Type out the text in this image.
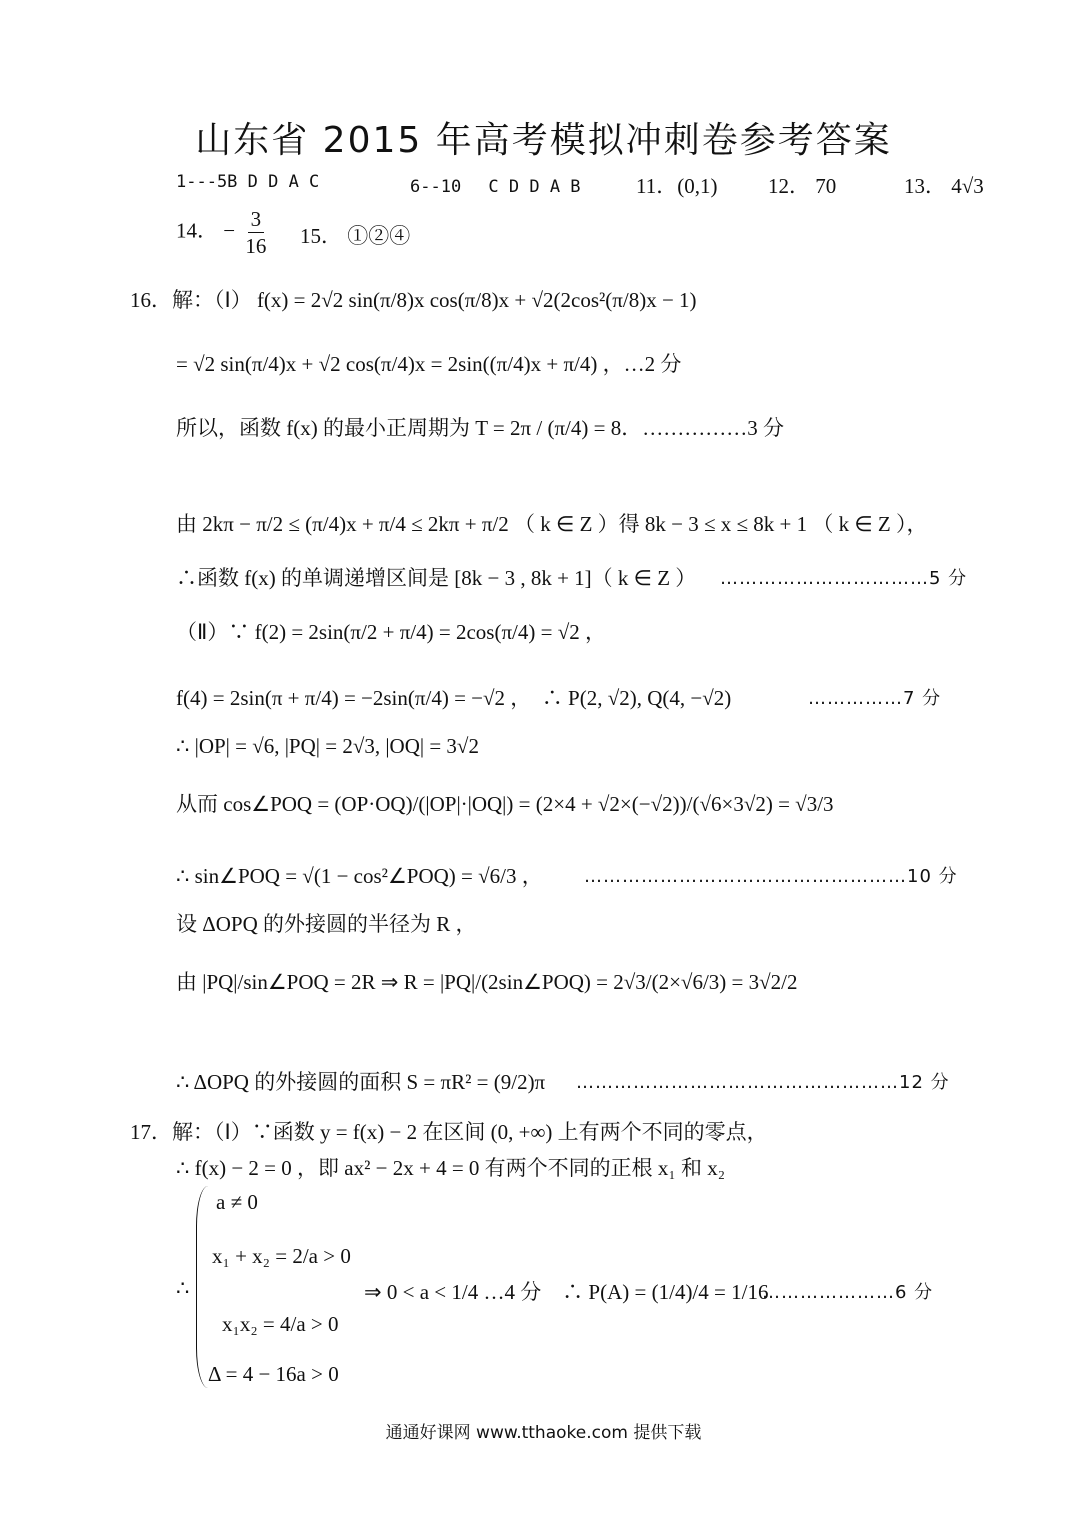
山东省 2015 年高考模拟冲刺卷参考答案
1---5B D D A C	6--10　 C D D A B	11．(0,1) 12． 70	13． 4√3
14． − $\frac{3}{16} 15$． ①②④
16．解：（Ⅰ） f(x) = 2√2 sin(π/8)x cos(π/8)x + √2(2cos²(π/8)x − 1)
= √2 sin(π/4)x + √2 cos(π/4)x = 2sin((π/4)x + π/4) ，…2 分
所以，函数 f(x) 的最小正周期为 T = 2π / (π/4) = 8．……………3 分
由 2kπ − π/2 ≤ (π/4)x + π/4 ≤ 2kπ + π/2 （ k ∈ Z ）得 8k − 3 ≤ x ≤ 8k + 1 （ k ∈ Z ），
∴函数 f(x) 的单调递增区间是 [8k − 3 , 8k + 1]（ k ∈ Z ） ……………………………5 分
（Ⅱ）∵ f(2) = 2sin(π/2 + π/4) = 2cos(π/4) = √2 ，
f(4) = 2sin(π + π/4) = −2sin(π/4) = −√2 ，　∴ P(2, √2), Q(4, −√2)	……………7 分
∴ |OP| = √6, |PQ| = 2√3, |OQ| = 3√2
从而 cos∠POQ = (OP·OQ)/(|OP|·|OQ|) = (2×4 + √2×(−√2))/(√6×3√2) = √3/3
∴ sin∠POQ = √(1 − cos²∠POQ) = √6/3 ， ……………………………………………10 分
设 ΔOPQ 的外接圆的半径为 R ，
由 |PQ|/sin∠POQ = 2R ⇒ R = |PQ|/(2sin∠POQ) = 2√3/(2×√6/3) = 3√2/2
∴ ΔOPQ 的外接圆的面积 S = πR² = (9/2)π ……………………………………………12 分
17．解：（Ⅰ）∵函数 y = f(x) − 2 在区间 (0, +∞) 上有两个不同的零点，
∴ f(x) − 2 = 0 ，即 ax² − 2x + 4 = 0 有两个不同的正根 x₁ 和 x₂
∴
a ≠ 0
x₁ + x₂ = 2/a > 0
x₁x₂ = 4/a > 0
Δ = 4 − 16a > 0
⇒ 0 < a < 1/4 …4 分　∴ P(A) = (1/4)/4 = 1/16
…………………6 分
通通好课网 www.tthaoke.com 提供下载
